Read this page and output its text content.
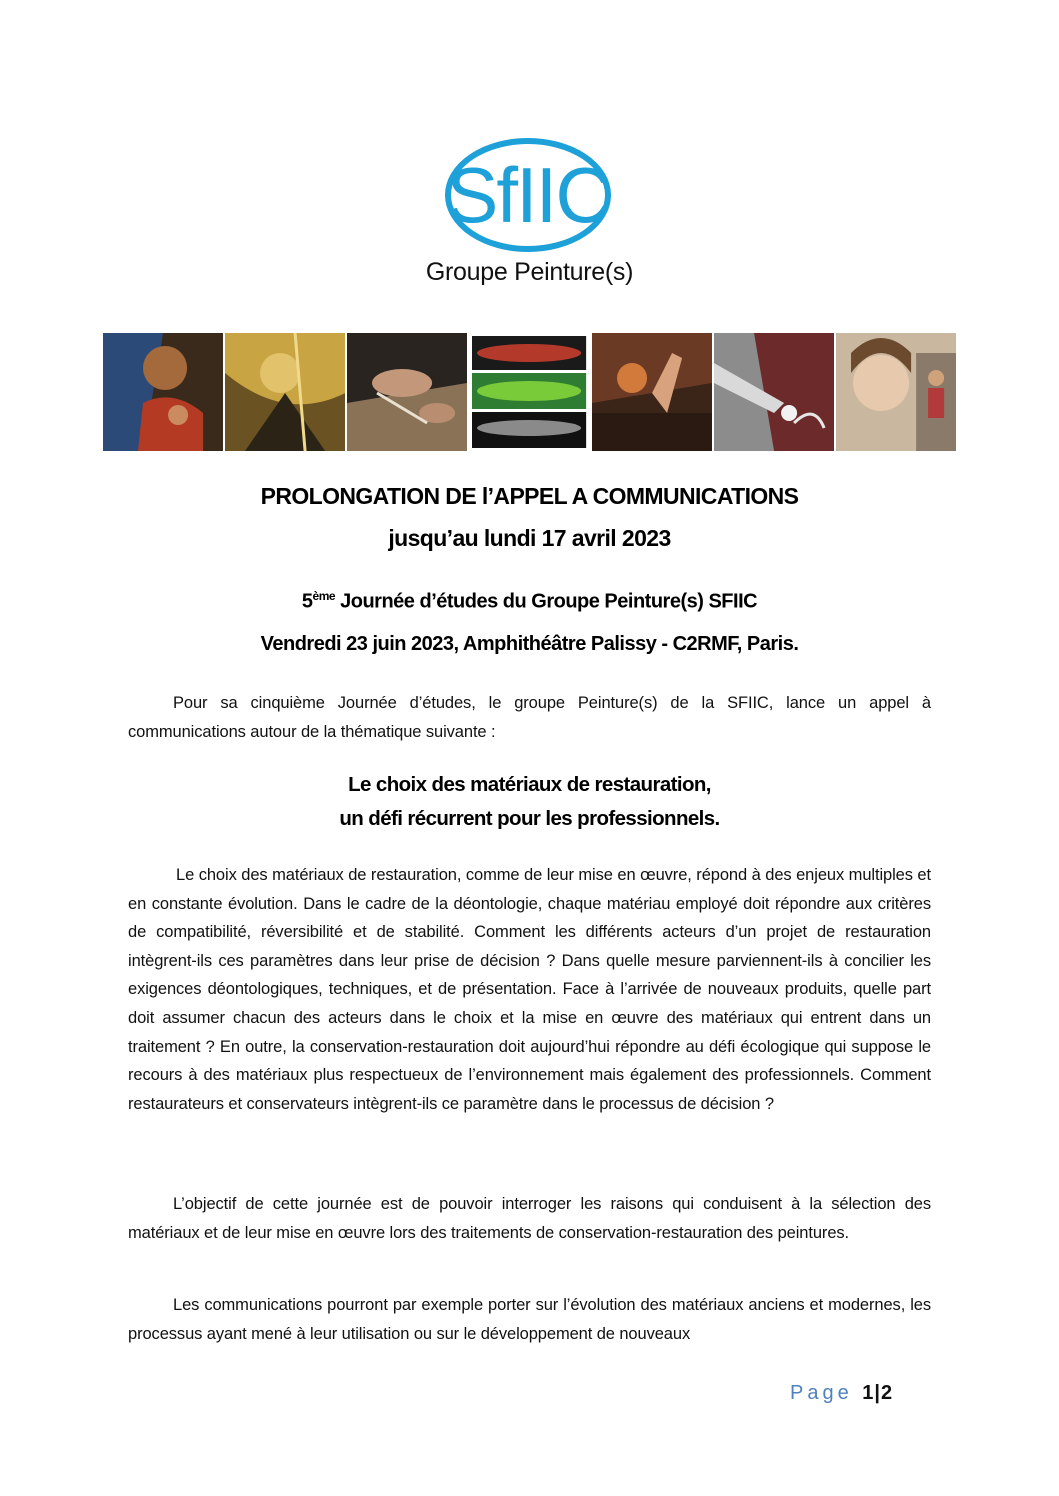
SfIIC
Groupe Peinture(s)
PROLONGATION DE l’APPEL A COMMUNICATIONS
jusqu’au lundi 17 avril 2023
5ème Journée d’études du Groupe Peinture(s) SFIIC
Vendredi 23 juin 2023, Amphithéâtre Palissy - C2RMF, Paris.
Pour sa cinquième Journée d’études, le groupe Peinture(s) de la SFIIC, lance un appel à communications autour de la thématique suivante :
Le choix des matériaux de restauration,
un défi récurrent pour les professionnels.
Le choix des matériaux de restauration, comme de leur mise en œuvre, répond à des enjeux multiples et en constante évolution. Dans le cadre de la déontologie, chaque matériau employé doit répondre aux critères de compatibilité, réversibilité et de stabilité. Comment les différents acteurs d’un projet de restauration intègrent-ils ces paramètres dans leur prise de décision ? Dans quelle mesure parviennent-ils à concilier les exigences déontologiques, techniques, et de présentation. Face à l’arrivée de nouveaux produits, quelle part doit assumer chacun des acteurs dans le choix et la mise en œuvre des matériaux qui entrent dans un traitement ? En outre, la conservation-restauration doit aujourd’hui répondre au défi écologique qui suppose le recours à des matériaux plus respectueux de l’environnement mais également des professionnels. Comment restaurateurs et conservateurs intègrent-ils ce paramètre dans le processus de décision ?
L’objectif de cette journée est de pouvoir interroger les raisons qui conduisent à la sélection des matériaux et de leur mise en œuvre lors des traitements de conservation-restauration des peintures.
Les communications pourront par exemple porter sur l’évolution des matériaux anciens et modernes, les processus ayant mené à leur utilisation ou sur le développement de nouveaux
Page 1|2
